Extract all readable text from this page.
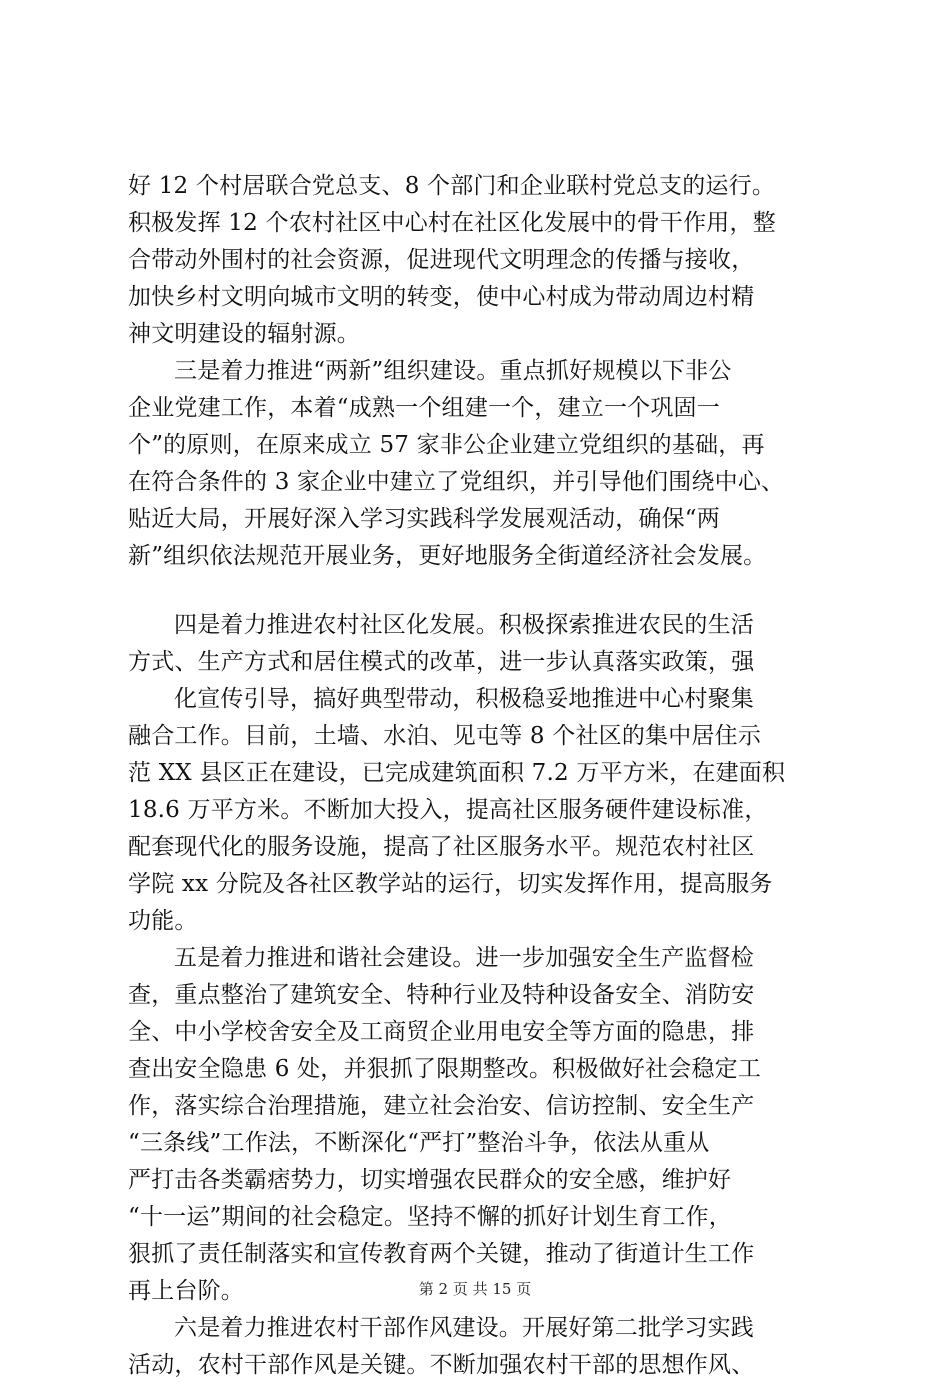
好 12 个村居联合党总支、8 个部门和企业联村党总支的运行。
积极发挥 12 个农村社区中心村在社区化发展中的骨干作用，整
合带动外围村的社会资源，促进现代文明理念的传播与接收，
加快乡村文明向城市文明的转变，使中心村成为带动周边村精
神文明建设的辐射源。
三是着力推进“两新”组织建设。重点抓好规模以下非公
企业党建工作，本着“成熟一个组建一个，建立一个巩固一
个”的原则，在原来成立 57 家非公企业建立党组织的基础，再
在符合条件的 3 家企业中建立了党组织，并引导他们围绕中心、
贴近大局，开展好深入学习实践科学发展观活动，确保“两
新”组织依法规范开展业务，更好地服务全街道经济社会发展。
四是着力推进农村社区化发展。积极探索推进农民的生活
方式、生产方式和居住模式的改革，进一步认真落实政策，强
化宣传引导，搞好典型带动，积极稳妥地推进中心村聚集
融合工作。目前，土墙、水泊、见屯等 8 个社区的集中居住示
范 XX 县区正在建设，已完成建筑面积 7.2 万平方米，在建面积
18.6 万平方米。不断加大投入，提高社区服务硬件建设标准，
配套现代化的服务设施，提高了社区服务水平。规范农村社区
学院 xx 分院及各社区教学站的运行，切实发挥作用，提高服务
功能。
五是着力推进和谐社会建设。进一步加强安全生产监督检
查，重点整治了建筑安全、特种行业及特种设备安全、消防安
全、中小学校舍安全及工商贸企业用电安全等方面的隐患，排
查出安全隐患 6 处，并狠抓了限期整改。积极做好社会稳定工
作，落实综合治理措施，建立社会治安、信访控制、安全生产
“三条线”工作法，不断深化“严打”整治斗争，依法从重从
严打击各类霸痞势力，切实增强农民群众的安全感，维护好
“十一运”期间的社会稳定。坚持不懈的抓好计划生育工作，
狠抓了责任制落实和宣传教育两个关键，推动了街道计生工作
再上台阶。
六是着力推进农村干部作风建设。开展好第二批学习实践
活动，农村干部作风是关键。不断加强农村干部的思想作风、
第 2 页 共 15 页
